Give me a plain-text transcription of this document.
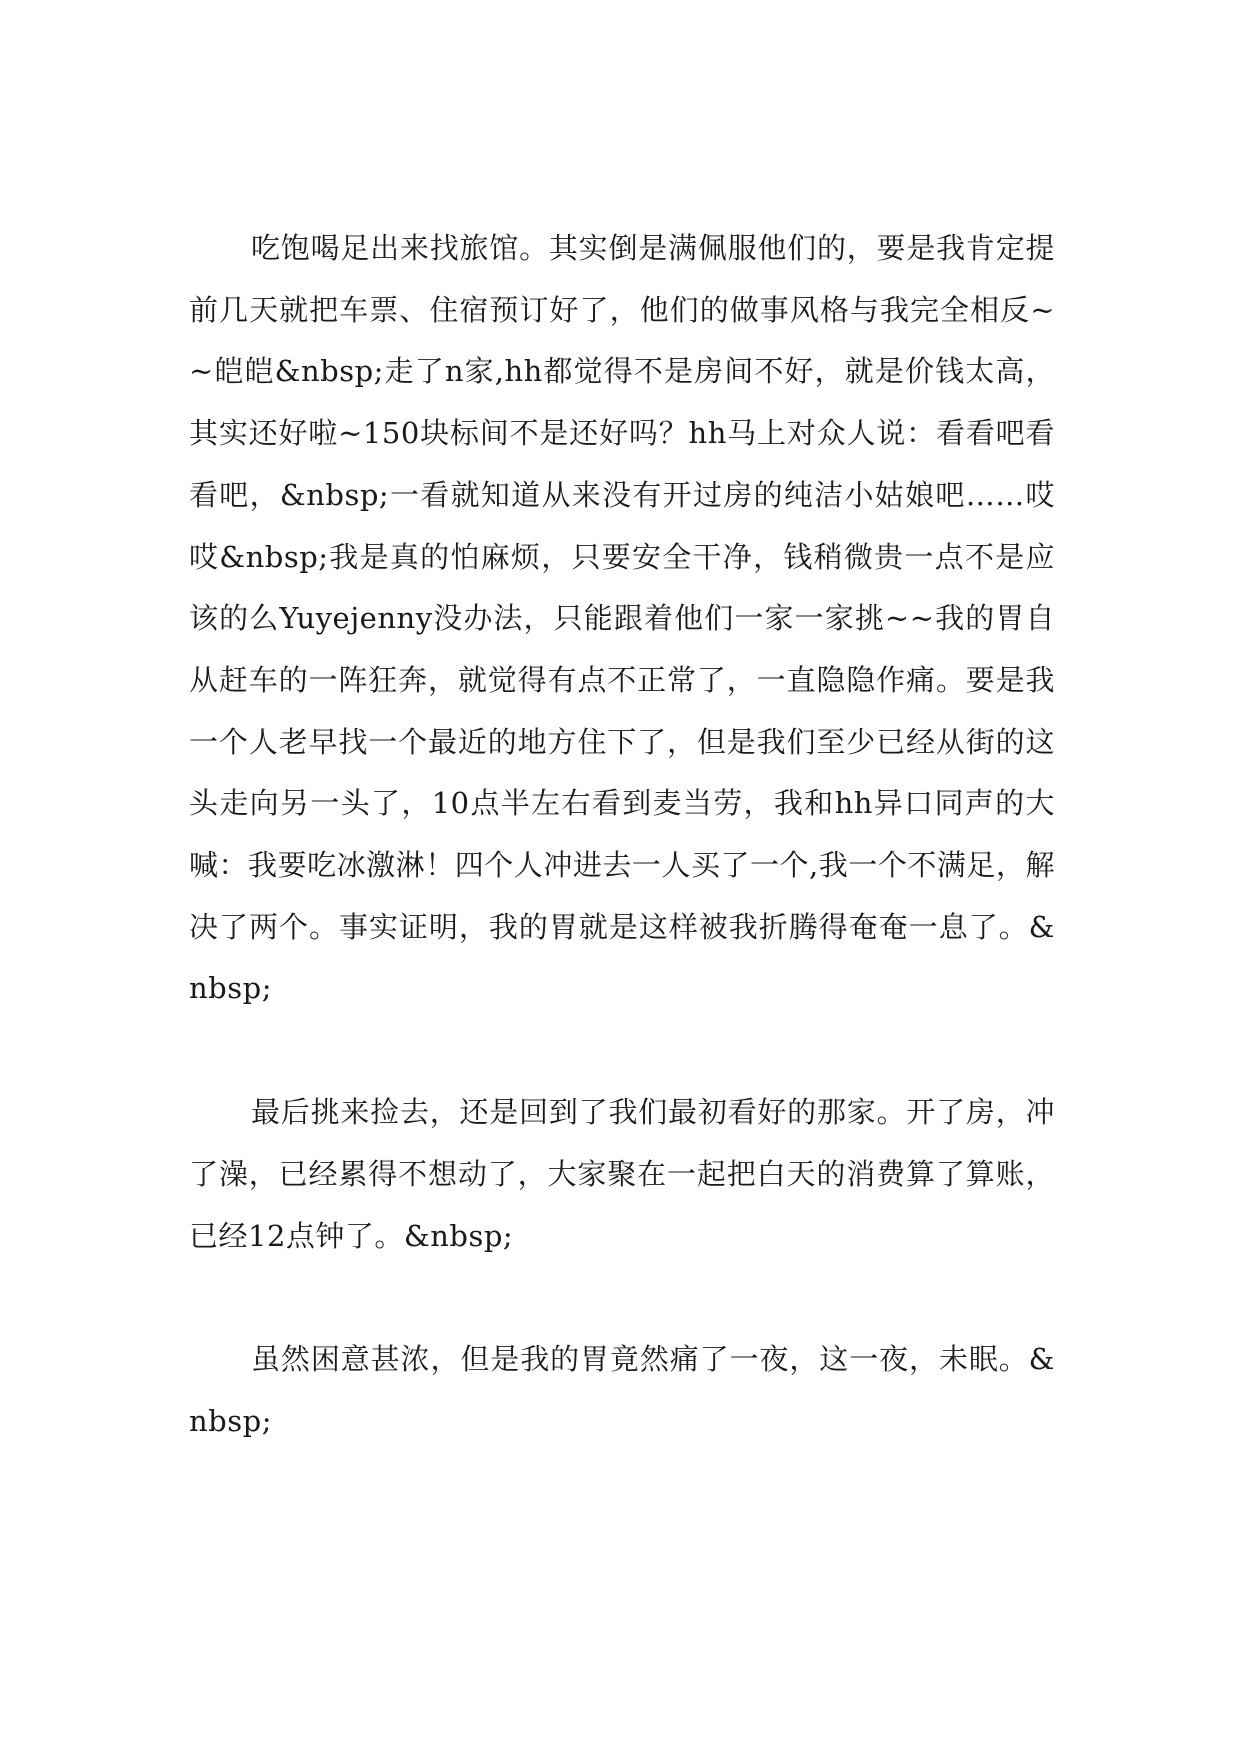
吃饱喝足出来找旅馆。其实倒是满佩服他们的，要是我肯定提前几天就把车票、住宿预订好了，他们的做事风格与我完全相反~~皑皑&nbsp;走了n家,hh都觉得不是房间不好，就是价钱太高，其实还好啦~150块标间不是还好吗？hh马上对众人说：看看吧看看吧，&nbsp;一看就知道从来没有开过房的纯洁小姑娘吧……哎哎&nbsp;我是真的怕麻烦，只要安全干净，钱稍微贵一点不是应该的么Yuyejenny没办法，只能跟着他们一家一家挑~~我的胃自从赶车的一阵狂奔，就觉得有点不正常了，一直隐隐作痛。要是我一个人老早找一个最近的地方住下了，但是我们至少已经从街的这头走向另一头了，10点半左右看到麦当劳，我和hh异口同声的大喊：我要吃冰激淋！四个人冲进去一人买了一个,我一个不满足，解决了两个。事实证明，我的胃就是这样被我折腾得奄奄一息了。&nbsp;

最后挑来捡去，还是回到了我们最初看好的那家。开了房，冲了澡，已经累得不想动了，大家聚在一起把白天的消费算了算账，已经12点钟了。&nbsp;

虽然困意甚浓，但是我的胃竟然痛了一夜，这一夜，未眠。&nbsp;
